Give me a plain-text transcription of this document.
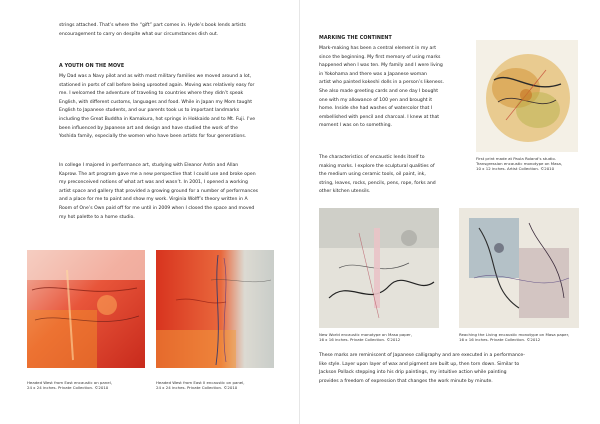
strings attached. That’s where the “gift” part comes in. Hyde’s book lends artists

encouragement to carry on despite what our circumstances dish out.

A YOUTH ON THE MOVE

My Dad was a Navy pilot and as with most military families we moved around a lot,

stationed in ports of call before being uprooted again. Moving was relatively easy for

me. I welcomed the adventure of traveling to countries where they didn’t speak

English, with different customs, languages and food. While in Japan my Mom taught

English to Japanese students, and our parents took us to important landmarks

including the Great Buddha in Kamakura, hot springs in Hokkaido and to Mt. Fuji. I’ve

been influenced by Japanese art and design and have studied the work of the

Yoshida family, especially the women who have been artists for four generations.

In college I majored in performance art, studying with Eleanor Antin and Allan

Kaprow. The art program gave me a new perspective that I could use and broke open

my preconceived notions of what art was and wasn’t. In 2001, I opened a working

artist space and gallery that provided a growing ground for a number of performances

and a place for me to paint and show my work. Virginia Wolff’s theory written in A

Room of One’s Own paid off for me until in 2009 when I closed the space and moved

my hot palette to a home studio.

Headed West from East encaustic on panel,
24 x 24 inches. Private Collection. ©2010
Headed West from East II encaustic on panel,
24 x 24 inches. Private Collection. ©2010
MARKING THE CONTINENT

Mark-making has been a central element in my art

since the beginning. My first memory of using marks

happened when I was ten. My family and I were living

in Yokohama and there was a Japanese woman

artist who painted kokeshi dolls in a person’s likeness.

She also made greeting cards and one day I bought

one with my allowance of 100 yen and brought it

home. Inside she had washes of watercolor that I

embellished with pencil and charcoal. I knew at that

moment I was on to something.

The characteristics of encaustic lends itself to

making marks. I explore the sculptural qualities of

the medium using ceramic tools, oil paint, ink,

string, leaves, rocks, pencils, pens, rope, forks and

other kitchen utensils.

First print made at Paula Roland’s studio.
Transgression encaustic monotype on Masa,
10 x 12 inches. Artist Collection. ©2010
New World encaustic monotype on Masa paper,
16 x 16 inches. Private Collection. ©2012
Reaching the Living encaustic monotype on Masa paper,
16 x 16 inches. Private Collection. ©2012

These marks are reminiscent of Japanese calligraphy and are executed in a performance-

like style. Layer upon layer of wax and pigment are built up, then torn down. Similar to

Jackson Pollack stepping into his drip paintings, my intuitive action while painting

provides a freedom of expression that changes the work minute by minute.
